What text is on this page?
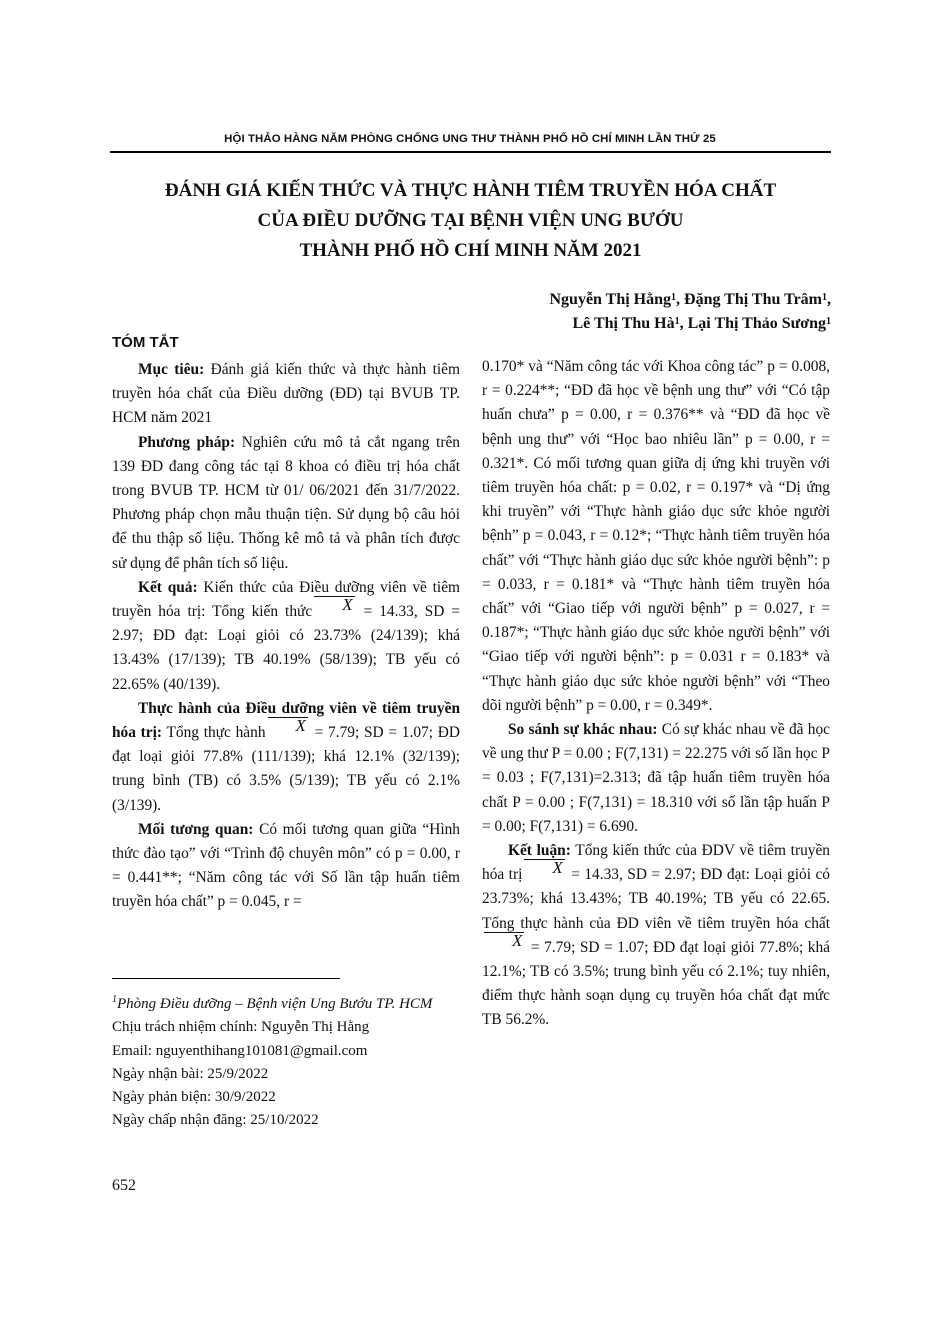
HỘI THẢO HÀNG NĂM PHÒNG CHỐNG UNG THƯ THÀNH PHỐ HỒ CHÍ MINH LẦN THỨ 25
ĐÁNH GIÁ KIẾN THỨC VÀ THỰC HÀNH TIÊM TRUYỀN HÓA CHẤT
CỦA ĐIỀU DƯỠNG TẠI BỆNH VIỆN UNG BƯỚU
THÀNH PHỐ HỒ CHÍ MINH NĂM 2021
Nguyễn Thị Hằng$^1$, Đặng Thị Thu Trâm$^1$,
Lê Thị Thu $Hà^1$, Lại Thị Thảo Sương$^1$
TÓM TẮT

Mục tiêu: Đánh giá kiến thức và thực hành tiêm truyền hóa chất của Điều dưỡng (ĐD) tại BVUB TP. HCM năm 2021

Phương pháp: Nghiên cứu mô tả cắt ngang trên 139 ĐD đang công tác tại 8 khoa có điều trị hóa chất trong BVUB TP. HCM từ 01/ 06/2021 đến 31/7/2022. Phương pháp chọn mẫu thuận tiện. Sử dụng bộ câu hỏi để thu thập số liệu. Thống kê mô tả và phân tích được sử dụng để phân tích số liệu.

Kết quả: Kiến thức của Điều dưỡng viên về tiêm truyền hóa trị: Tổng kiến thức X = 14.33, SD = 2.97; ĐD đạt: Loại giỏi có 23.73% (24/139); khá 13.43% (17/139); TB 40.19% (58/139); TB yếu có 22.65% (40/139).

Thực hành của Điều dưỡng viên về tiêm truyền hóa trị: Tổng thực hành X = 7.79; SD = 1.07; ĐD đạt loại giỏi 77.8% (111/139); khá 12.1% (32/139); trung bình (TB) có 3.5% (5/139); TB yếu có 2.1% (3/139).

Mối tương quan: Có mối tương quan giữa “Hình thức đào tạo” với “Trình độ chuyên môn” có p = 0.00, r = 0.441**; “Năm công tác với Số lần tập huấn tiêm truyền hóa chất” p = 0.045, r =

$^1$Phòng Điều dưỡng – Bệnh viện Ung Bướu TP. HCM
Chịu trách nhiệm chính: Nguyễn Thị Hằng
Email: nguyenthihang101081@gmail.com
Ngày nhận bài: 25/9/2022
Ngày phản biện: 30/9/2022
Ngày chấp nhận đăng: 25/10/2022

0.170* và “Năm công tác với Khoa công tác” p = 0.008, r = 0.224**; “ĐD đã học về bệnh ung thư” với “Có tập huấn chưa” p = 0.00, r = 0.376** và “ĐD đã học về bệnh ung thư” với “Học bao nhiêu lần” p = 0.00, r = 0.321*. Có mối tương quan giữa dị ứng khi truyền với tiêm truyền hóa chất: p = 0.02, r = 0.197* và “Dị ứng khi truyền” với “Thực hành giáo dục sức khỏe người bệnh” p = 0.043, r = 0.12*; “Thực hành tiêm truyền hóa chất” với “Thực hành giáo dục sức khỏe người bệnh”: p = 0.033, r = 0.181* và “Thực hành tiêm truyền hóa chất” với “Giao tiếp với người bệnh” p = 0.027, r = 0.187*; “Thực hành giáo dục sức khỏe người bệnh” với “Giao tiếp với người bệnh”: p = 0.031 r = 0.183* và “Thực hành giáo dục sức khỏe người bệnh” với “Theo dõi người bệnh” p = 0.00, r = 0.349*.

So sánh sự khác nhau: Có sự khác nhau về đã học về ung thư P = 0.00 ; F(7,131) = 22.275 với số lần học P = 0.03 ; F(7,131)=2.313; đã tập huấn tiêm truyền hóa chất P = 0.00 ; F(7,131) = 18.310 với số lần tập huấn P = 0.00; F(7,131) = 6.690.

Kết luận: Tổng kiến thức của ĐDV về tiêm truyền hóa trị X = 14.33, SD = 2.97; ĐD đạt: Loại giỏi có 23.73%; khá 13.43%; TB 40.19%; TB yếu có 22.65. Tổng thực hành của ĐD viên về tiêm truyền hóa chấtX = 7.79; SD = 1.07; ĐD đạt loại giỏi 77.8%; khá 12.1%; TB có 3.5%; trung bình yếu có 2.1%; tuy nhiên, điểm thực hành soạn dụng cụ truyền hóa chất đạt mức TB 56.2%.

652
